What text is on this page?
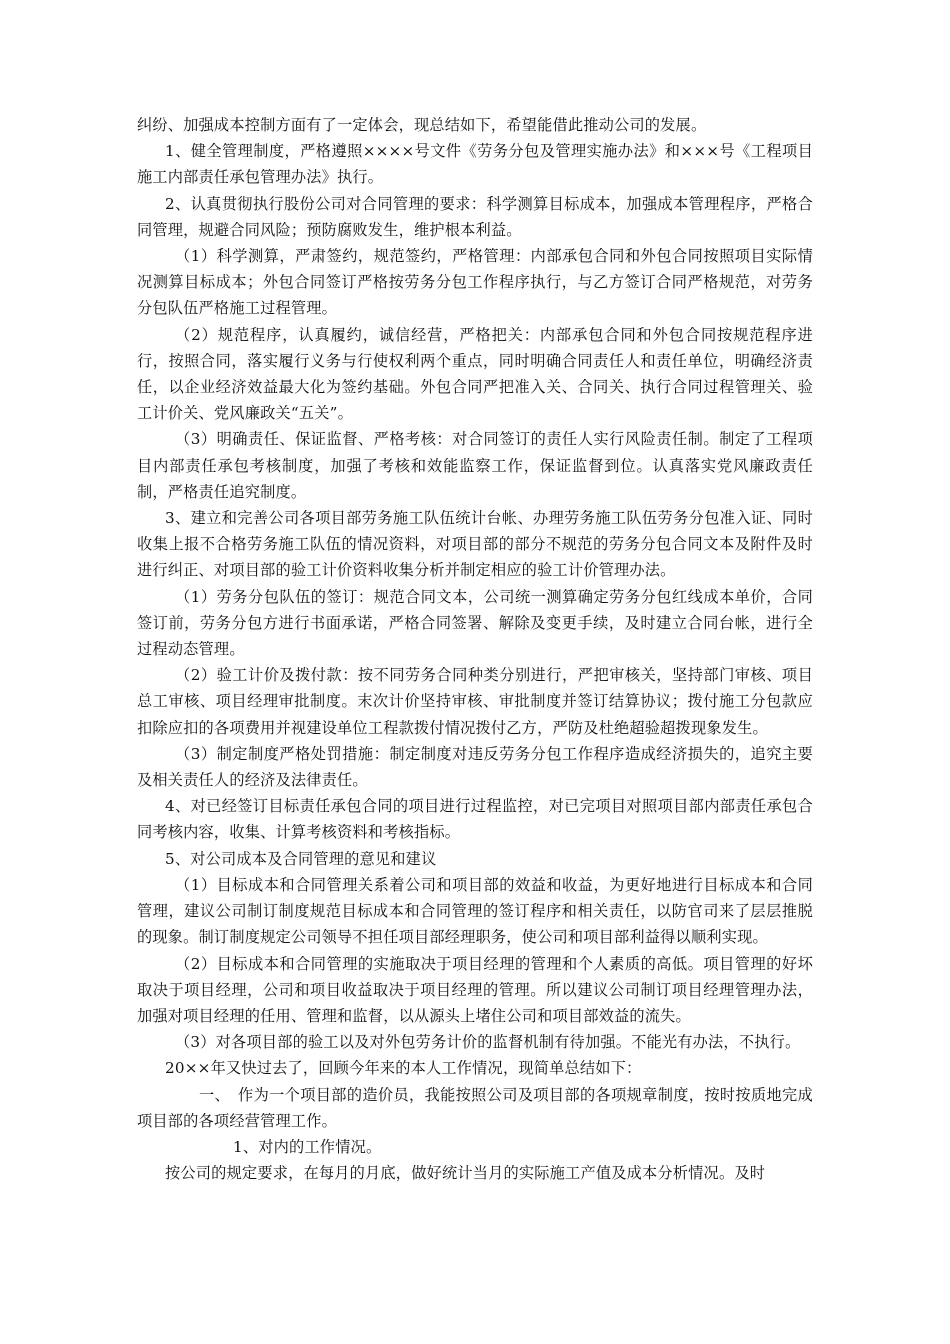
纠纷、加强成本控制方面有了一定体会，现总结如下，希望能借此推动公司的发展。

1、健全管理制度，严格遵照××××号文件《劳务分包及管理实施办法》和×××号《工程项目施工内部责任承包管理办法》执行。

2、认真贯彻执行股份公司对合同管理的要求：科学测算目标成本，加强成本管理程序，严格合同管理，规避合同风险；预防腐败发生，维护根本利益。

（1）科学测算，严肃签约，规范签约，严格管理：内部承包合同和外包合同按照项目实际情况测算目标成本；外包合同签订严格按劳务分包工作程序执行，与乙方签订合同严格规范，对劳务分包队伍严格施工过程管理。

（2）规范程序，认真履约，诚信经营，严格把关：内部承包合同和外包合同按规范程序进行，按照合同，落实履行义务与行使权利两个重点，同时明确合同责任人和责任单位，明确经济责任，以企业经济效益最大化为签约基础。外包合同严把准入关、合同关、执行合同过程管理关、验工计价关、党风廉政关“五关”。

（3）明确责任、保证监督、严格考核：对合同签订的责任人实行风险责任制。制定了工程项目内部责任承包考核制度，加强了考核和效能监察工作，保证监督到位。认真落实党风廉政责任制，严格责任追究制度。

3、建立和完善公司各项目部劳务施工队伍统计台帐、办理劳务施工队伍劳务分包准入证、同时收集上报不合格劳务施工队伍的情况资料，对项目部的部分不规范的劳务分包合同文本及附件及时进行纠正、对项目部的验工计价资料收集分析并制定相应的验工计价管理办法。

（1）劳务分包队伍的签订：规范合同文本，公司统一测算确定劳务分包红线成本单价，合同签订前，劳务分包方进行书面承诺，严格合同签署、解除及变更手续，及时建立合同台帐，进行全过程动态管理。

（2）验工计价及拨付款：按不同劳务合同种类分别进行，严把审核关，坚持部门审核、项目总工审核、项目经理审批制度。末次计价坚持审核、审批制度并签订结算协议；拨付施工分包款应扣除应扣的各项费用并视建设单位工程款拨付情况拨付乙方，严防及杜绝超验超拨现象发生。

（3）制定制度严格处罚措施：制定制度对违反劳务分包工作程序造成经济损失的，追究主要及相关责任人的经济及法律责任。

4、对已经签订目标责任承包合同的项目进行过程监控，对已完项目对照项目部内部责任承包合同考核内容，收集、计算考核资料和考核指标。

5、对公司成本及合同管理的意见和建议

（1）目标成本和合同管理关系着公司和项目部的效益和收益，为更好地进行目标成本和合同管理，建议公司制订制度规范目标成本和合同管理的签订程序和相关责任，以防官司来了层层推脱的现象。制订制度规定公司领导不担任项目部经理职务，使公司和项目部利益得以顺利实现。

（2）目标成本和合同管理的实施取决于项目经理的管理和个人素质的高低。项目管理的好坏取决于项目经理，公司和项目收益取决于项目经理的管理。所以建议公司制订项目经理管理办法，加强对项目经理的任用、管理和监督，以从源头上堵住公司和项目部效益的流失。

（3）对各项目部的验工以及对外包劳务计价的监督机制有待加强。不能光有办法，不执行。

20××年又快过去了，回顾今年来的本人工作情况，现简单总结如下：

一、　作为一个项目部的造价员，我能按照公司及项目部的各项规章制度，按时按质地完成项目部的各项经营管理工作。

1、对内的工作情况。

按公司的规定要求，在每月的月底，做好统计当月的实际施工产值及成本分析情况。及时
